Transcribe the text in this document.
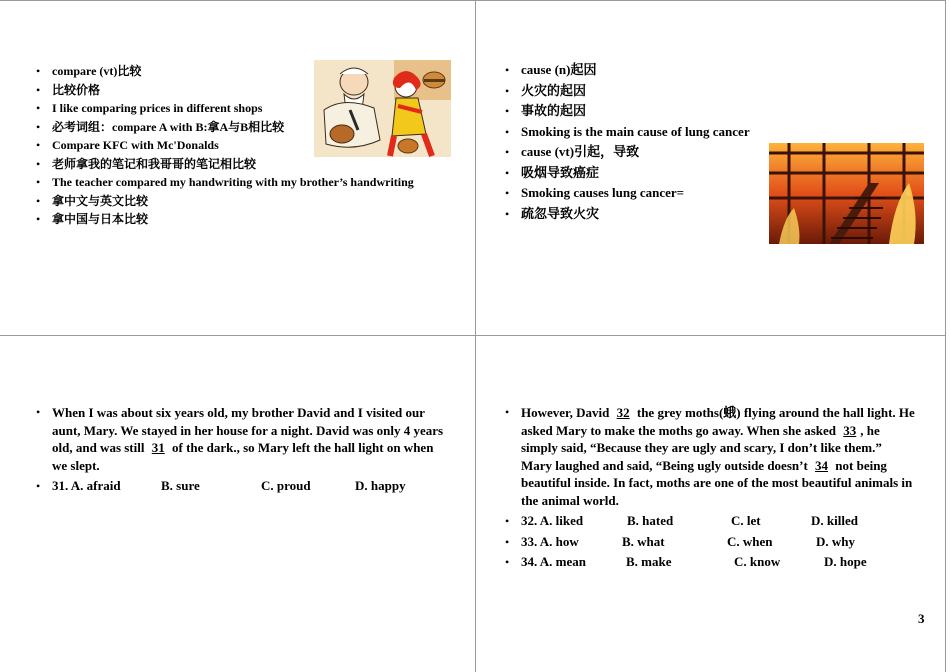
• compare (vt)比较
• 比较价格
• I like comparing prices in different shops
• 必考词组：compare A with B:拿A与B相比较
• Compare KFC with Mc'Donalds
• 老师拿我的笔记和我哥哥的笔记相比较
• The teacher compared my handwriting with my brother’s handwriting
• 拿中文与英文比较
• 拿中国与日本比较
• cause (n)起因
• 火灾的起因
• 事故的起因
• Smoking is the main cause of lung cancer
• cause (vt)引起，导致
• 吸烟导致癌症
• Smoking causes lung cancer=
• 疏忽导致火灾
• When I was about six years old, my brother David and I visited our aunt, Mary. We stayed in her house for a night. David was only 4 years old, and was still 31 of the dark., so Mary left the hall light on when we slept.
• 31. A. afraid	B. sure	C. proud	D. happy
• However, David 32 the grey moths(蛾) flying around the hall light. He asked Mary to make the moths go away. When she asked 33 , he simply said, “Because they are ugly and scary, I don’t like them.” Mary laughed and said, “Being ugly outside doesn’t 34 not being beautiful inside. In fact, moths are one of the most beautiful animals in the animal world.
• 32. A. liked	B. hated	C. let	D. killed
• 33. A. how	B. what	C. when	D. why
• 34. A. mean	B. make	C. know	D. hope
3
